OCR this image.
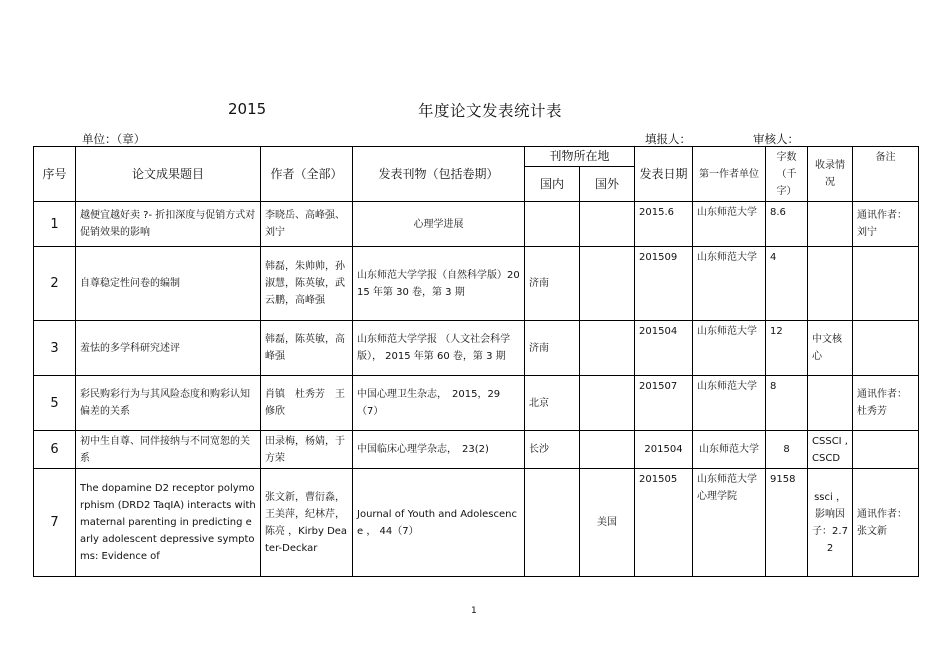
2015	年度论文发表统计表
单位：（章）	填报人：	审核人：
序号	论文成果题目	作者（全部）	发表刊物（包括卷期）	刊物所在地		发表日期	第一作者单位	字数（千字）	收录情况	备注
				国内	国外					
1	越便宜越好卖 ?- 折扣深度与促销方式对促销效果的影响	李晓岳、高峰强、刘宁	心理学进展			2015.6	山东师范大学	8.6		通讯作者：刘宁
2	自尊稳定性问卷的编制	韩磊，朱帅帅，孙淑慧，陈英敏，武云鹏，高峰强	山东师范大学学报（自然科学版）2015 年第 30 卷，第 3 期	济南		201509	山东师范大学	4		
3	羞怯的多学科研究述评	韩磊，陈英敏，高峰强	山东师范大学学报 （人文社会科学版）， 2015 年第 60 卷，第 3 期	济南		201504	山东师范大学	12	中文核心	
5	彩民购彩行为与其风险态度和购彩认知偏差的关系	肖镇　杜秀芳　王修欣	中国心理卫生杂志，　2015，29（7）	北京		201507	山东师范大学	8		通讯作者：杜秀芳
6	初中生自尊、同伴接纳与不同宽恕的关系	田录梅，杨婧，于方荣	中国临床心理学杂志，　23(2)	长沙		201504	山东师范大学	8	CSSCI ,CSCD	
7	The dopamine D2 receptor polymorphism (DRD2 TaqIA) interacts with maternal parenting in predicting early adolescent depressive symptoms: Evidence of	张文新，曹衍淼，王美萍，纪林芹，陈亮 ，Kirby Deater-Deckar	Journal of Youth and Adolescence ， 44（7）		美国	201505	山东师范大学心理学院	9158	ssci ，影响因子：2.72	通讯作者：张文新
1
